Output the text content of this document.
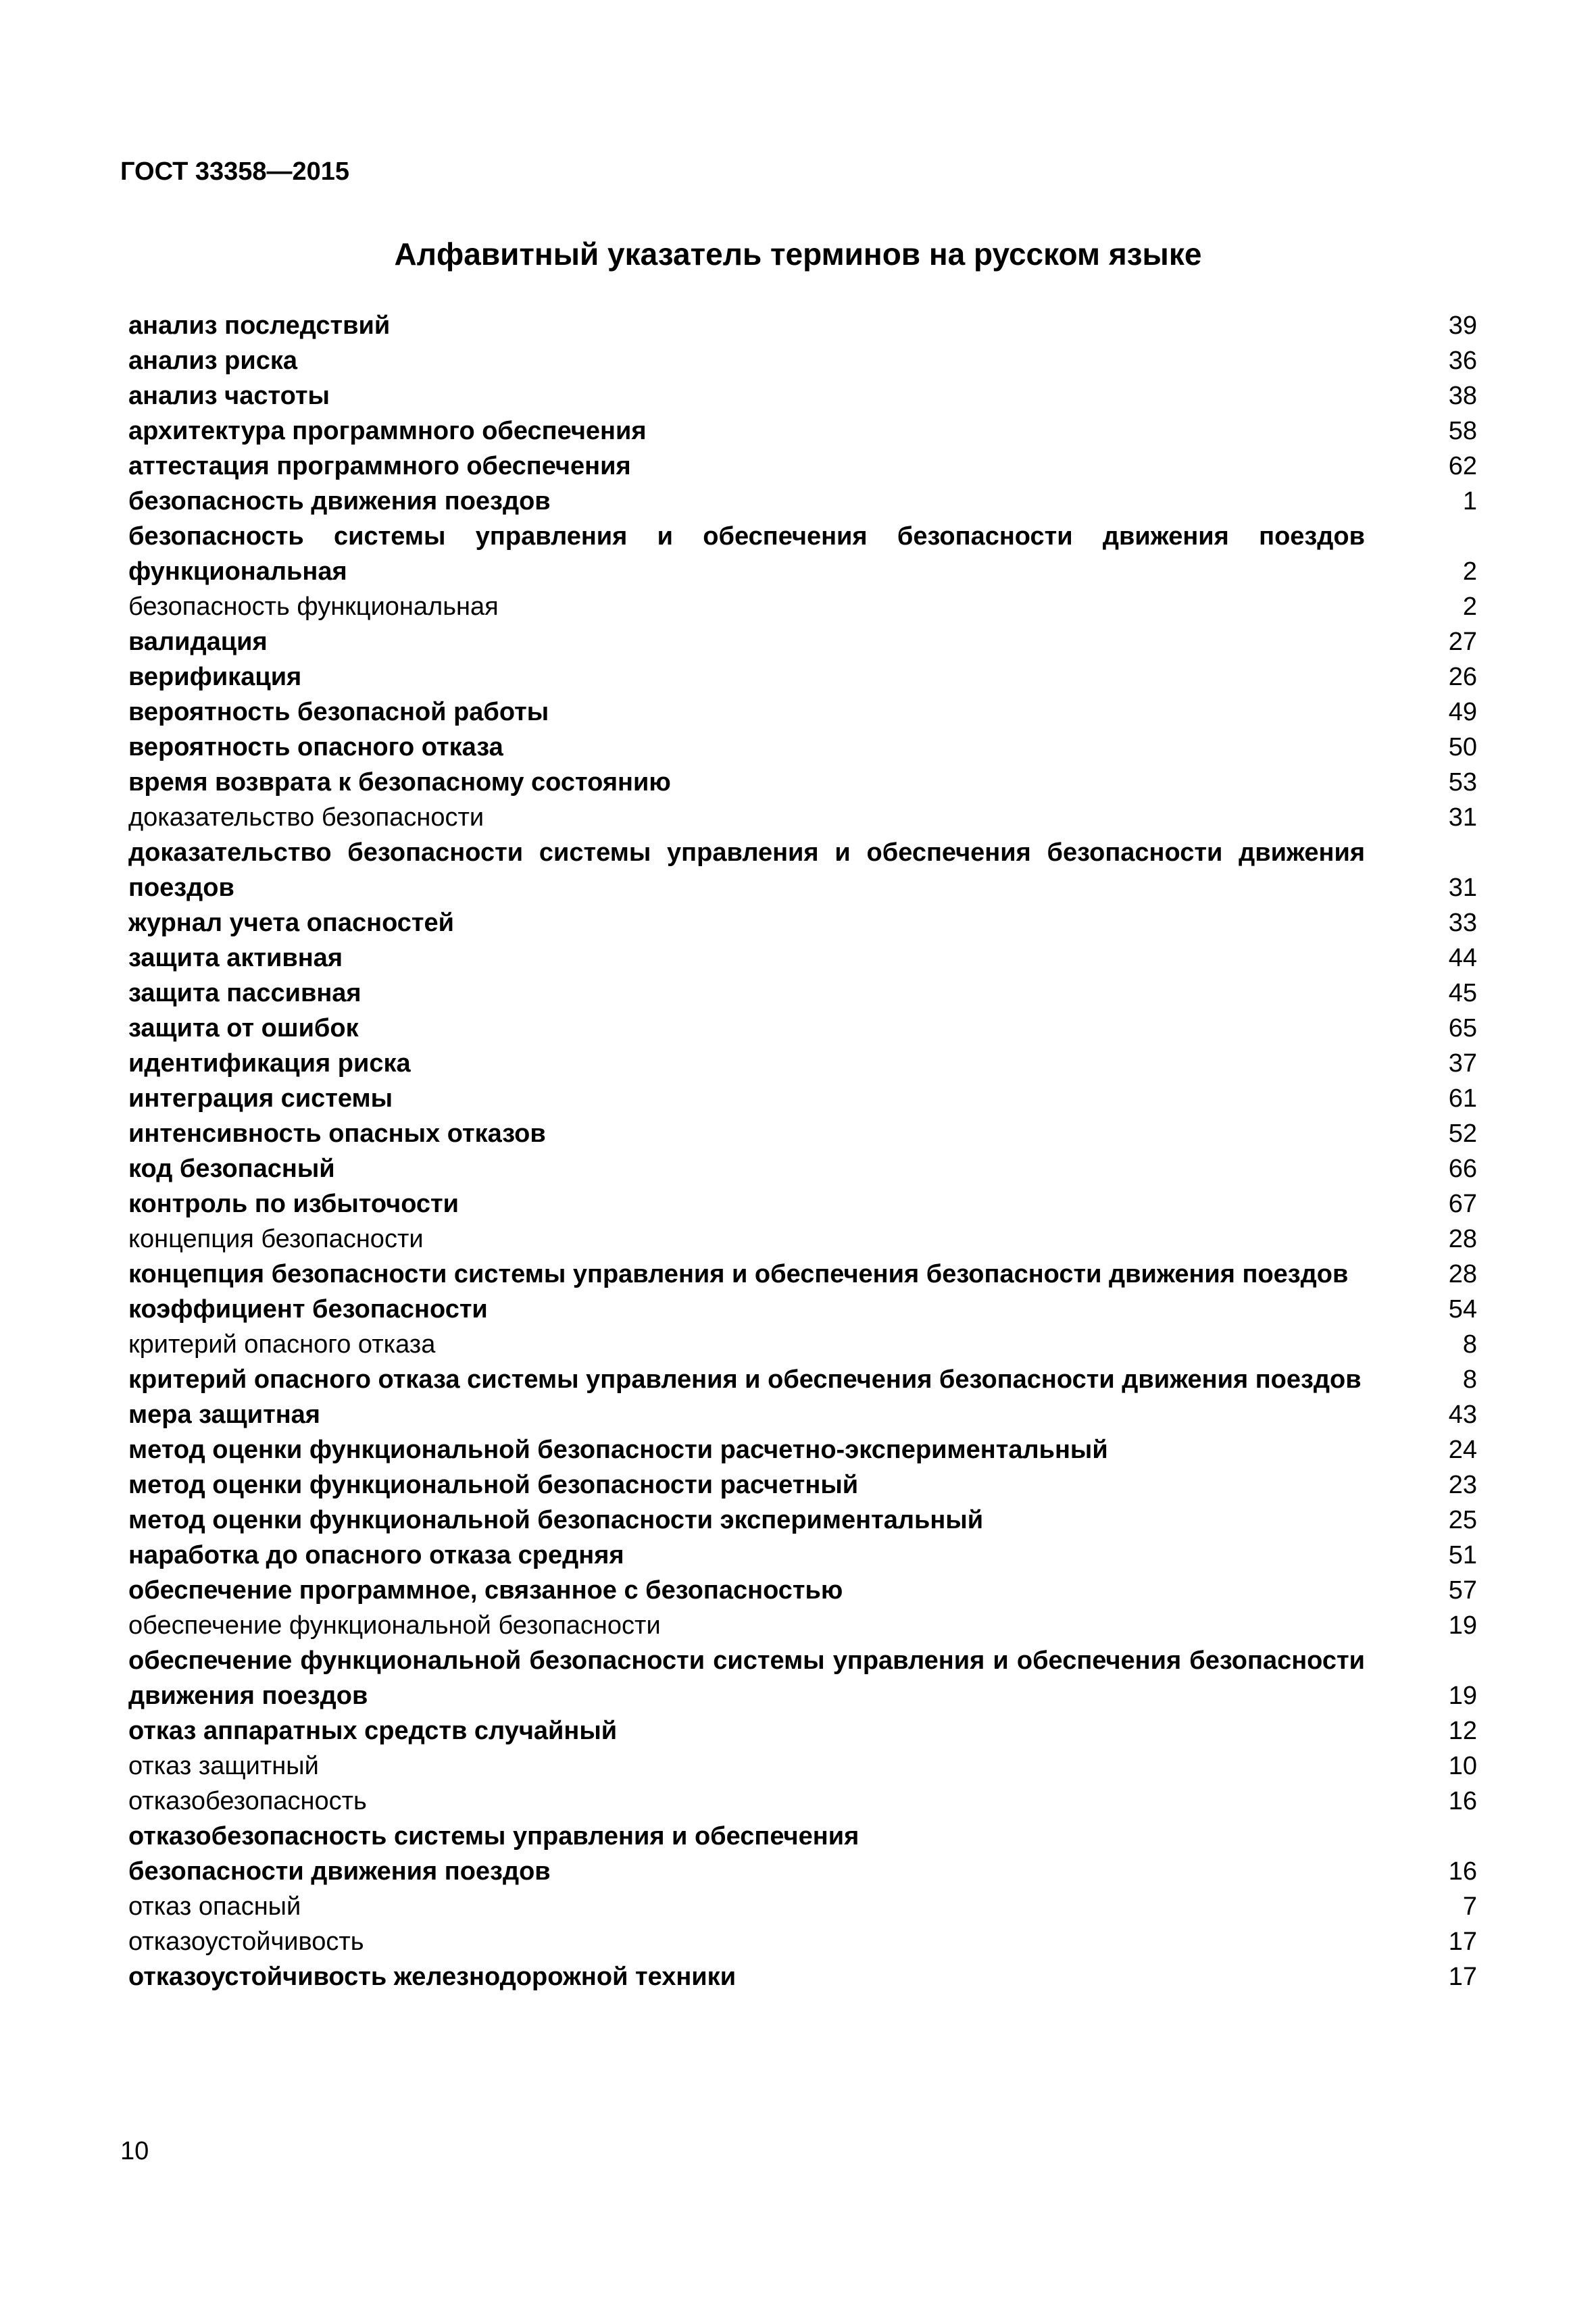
ГОСТ 33358—2015
Алфавитный указатель терминов на русском языке
анализ последствий	39
анализ риска	36
анализ частоты	38
архитектура программного обеспечения	58
аттестация программного обеспечения	62
безопасность движения поездов	1
безопасность системы управления и обеспечения безопасности движения поездов функциональная	2
безопасность функциональная	2
валидация	27
верификация	26
вероятность безопасной работы	49
вероятность опасного отказа	50
время возврата к безопасному состоянию	53
доказательство безопасности	31
доказательство безопасности системы управления и обеспечения безопасности движения поездов	31
журнал учета опасностей	33
защита активная	44
защита пассивная	45
защита от ошибок	65
идентификация риска	37
интеграция системы	61
интенсивность опасных отказов	52
код безопасный	66
контроль по избыточости	67
концепция безопасности	28
концепция безопасности системы управления и обеспечения безопасности движения поездов	28
коэффициент безопасности	54
критерий опасного отказа	8
критерий опасного отказа системы управления и обеспечения безопасности движения поездов	8
мера защитная	43
метод оценки функциональной безопасности расчетно-экспериментальный	24
метод оценки функциональной безопасности расчетный	23
метод оценки функциональной безопасности экспериментальный	25
наработка до опасного отказа средняя	51
обеспечение программное, связанное с безопасностью	57
обеспечение функциональной безопасности	19
обеспечение функциональной безопасности системы управления и обеспечения безопасности движения поездов	19
отказ аппаратных средств случайный	12
отказ защитный	10
отказобезопасность	16
отказобезопасность системы управления и обеспечения
безопасности движения поездов	16
отказ опасный	7
отказоустойчивость	17
отказоустойчивость железнодорожной техники	17
10
